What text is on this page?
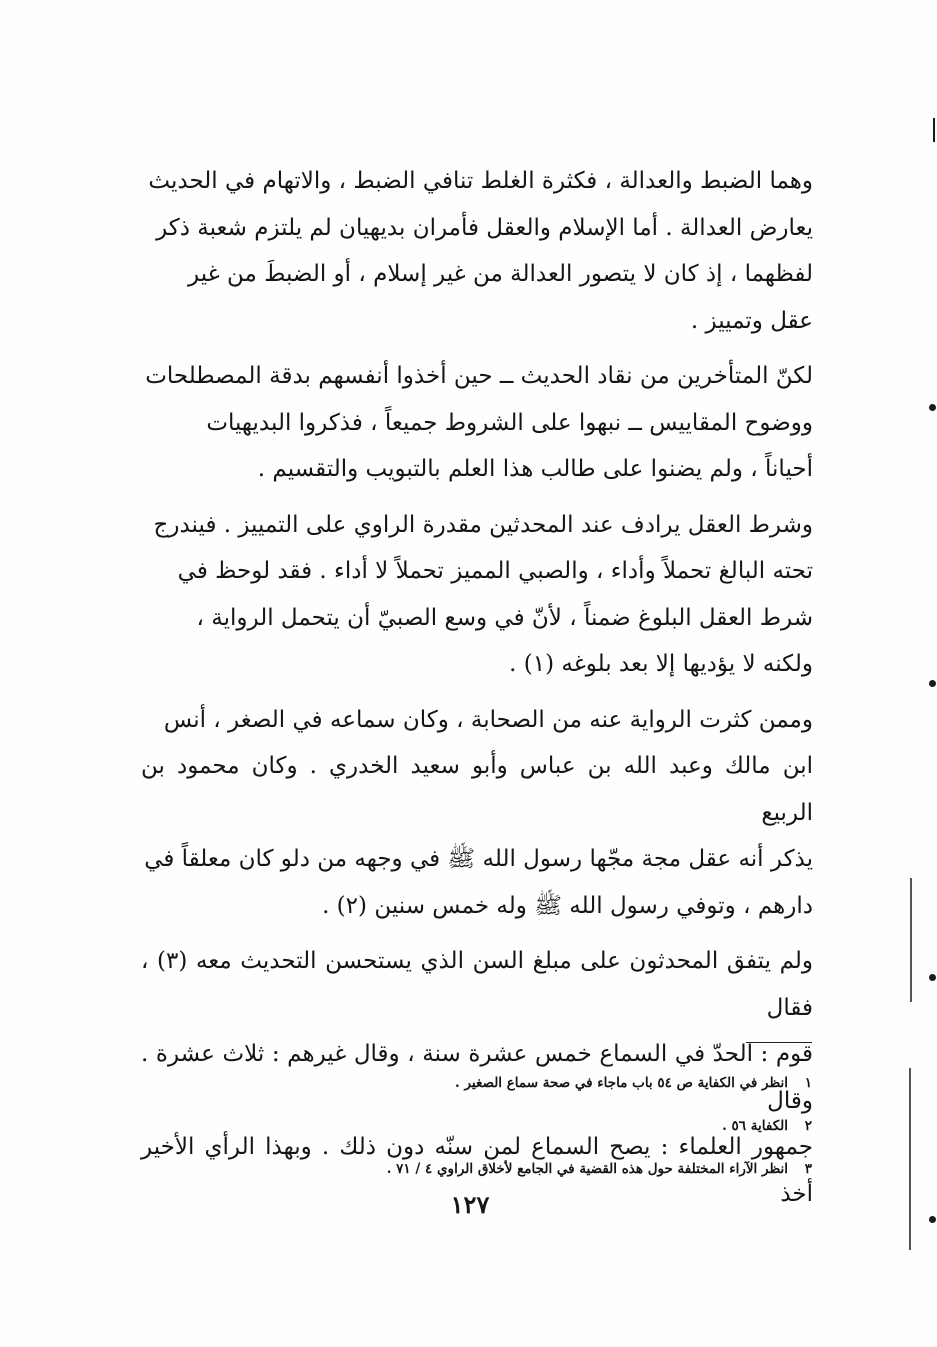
وهما الضبط والعدالة ، فكثرة الغلط تنافي الضبط ، والاتهام في الحديث

يعارض العدالة . أما الإسلام والعقل فأمران بديهيان لم يلتزم شعبة ذكر

لفظهما ، إذ كان لا يتصور العدالة من غير إسلام ، أو الضبطَ من غير

عقل وتمييز .

لكنّ المتأخرين من نقاد الحديث ــ حين أخذوا أنفسهم بدقة المصطلحات

ووضوح المقاييس ــ نبهوا على الشروط جميعاً ، فذكروا البديهيات

أحياناً ، ولم يضنوا على طالب هذا العلم بالتبويب والتقسيم .

وشرط العقل يرادف عند المحدثين مقدرة الراوي على التمييز . فيندرج

تحته البالغ تحملاً وأداء ، والصبي المميز تحملاً لا أداء . فقد لوحظ في

شرط العقل البلوغ ضمناً ، لأنّ في وسع الصبيّ أن يتحمل الرواية ،

ولكنه لا يؤديها إلا بعد بلوغه (١) .

وممن كثرت الرواية عنه من الصحابة ، وكان سماعه في الصغر ، أنس

ابن مالك وعبد الله بن عباس وأبو سعيد الخدري . وكان محمود بن الربيع

يذكر أنه عقل مجة مجّها رسول الله ﷺ في وجهه من دلو كان معلقاً في

دارهم ، وتوفي رسول الله ﷺ وله خمس سنين (٢) .

ولم يتفق المحدثون على مبلغ السن الذي يستحسن التحديث معه (٣) ، فقال

قوم : الحدّ في السماع خمس عشرة سنة ، وقال غيرهم : ثلاث عشرة . وقال

جمهور العلماء : يصح السماع لمن سنّه دون ذلك . وبهذا الرأي الأخير أخذ

١ انظر في الكفاية ص ٥٤ باب ماجاء في صحة سماع الصغير .

٢ الكفاية ٥٦ .

٣ انظر الآراء المختلفة حول هذه القضية في الجامع لأخلاق الراوي ٤ / ٧١ .

١٢٧
